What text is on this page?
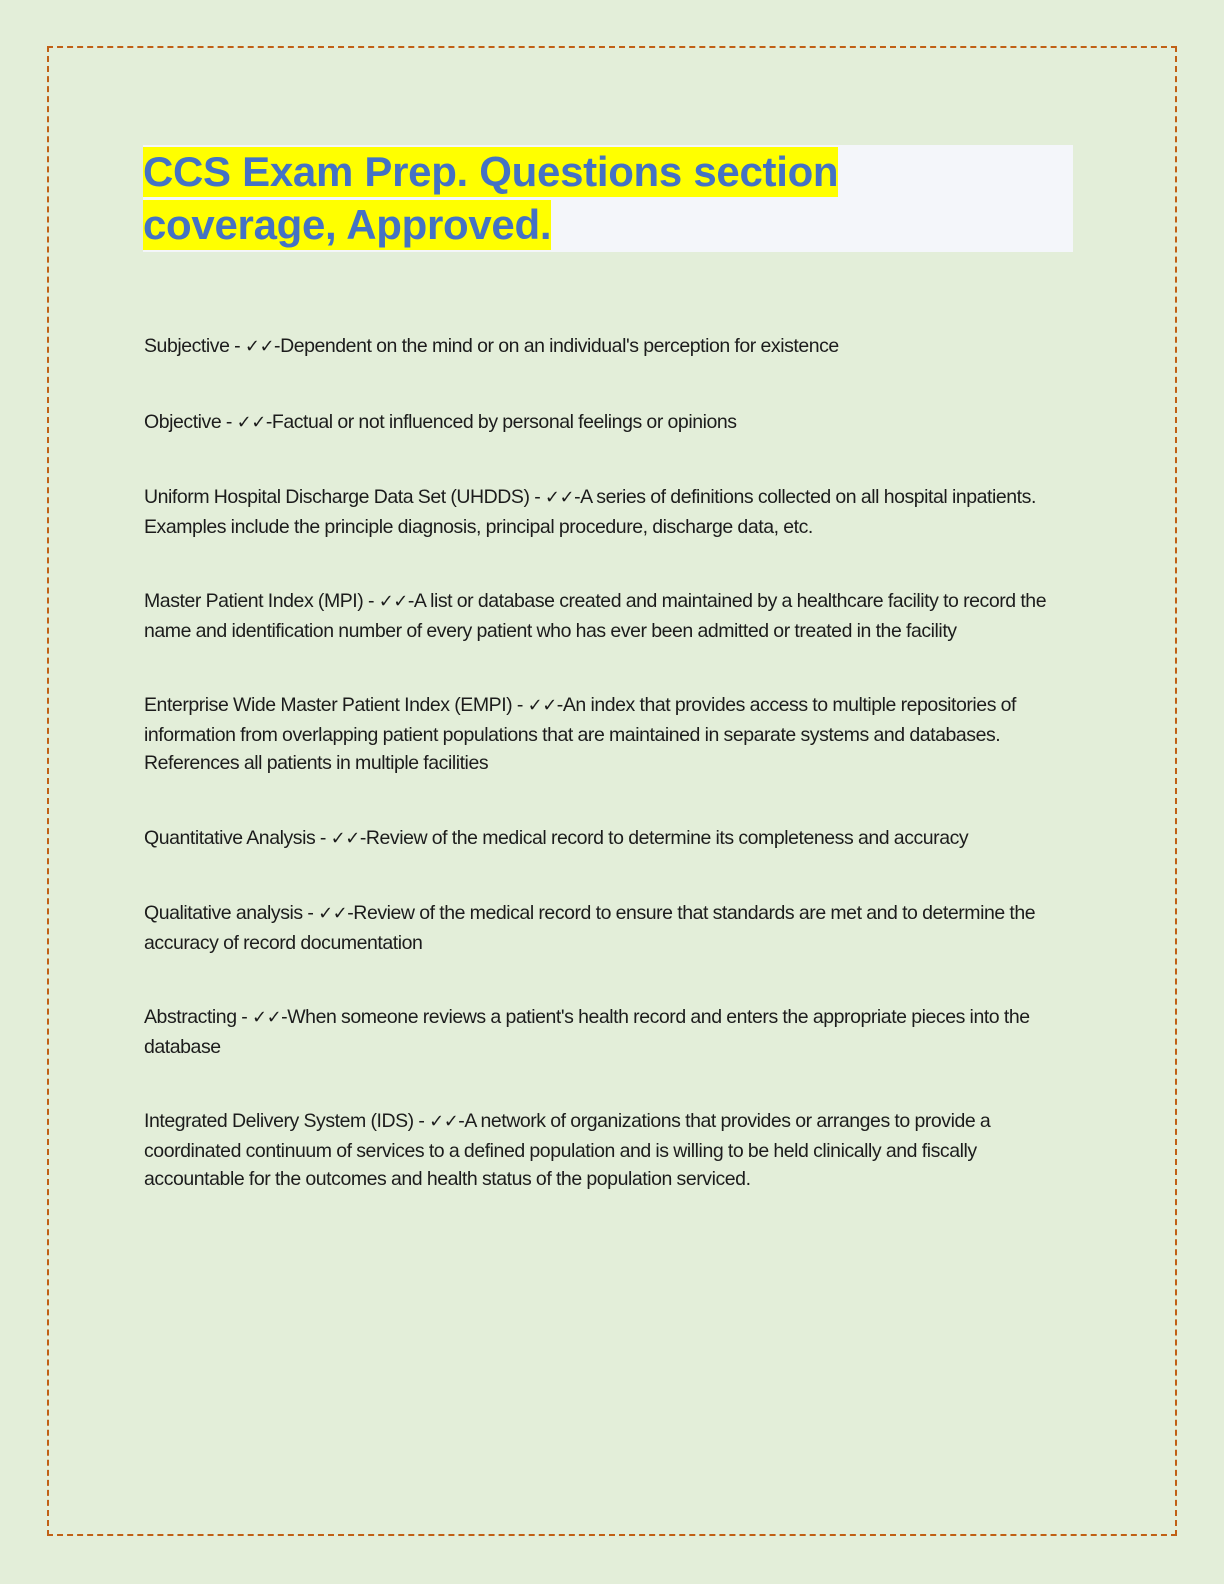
CCS Exam Prep. Questions section
coverage, Approved.

Subjective - ✓✓-Dependent on the mind or on an individual's perception for existence

Objective - ✓✓-Factual or not influenced by personal feelings or opinions

Uniform Hospital Discharge Data Set (UHDDS) - ✓✓-A series of definitions collected on all hospital inpatients. Examples include the principle diagnosis, principal procedure, discharge data, etc.

Master Patient Index (MPI) - ✓✓-A list or database created and maintained by a healthcare facility to record the name and identification number of every patient who has ever been admitted or treated in the facility

Enterprise Wide Master Patient Index (EMPI) - ✓✓-An index that provides access to multiple repositories of information from overlapping patient populations that are maintained in separate systems and databases. References all patients in multiple facilities

Quantitative Analysis - ✓✓-Review of the medical record to determine its completeness and accuracy

Qualitative analysis - ✓✓-Review of the medical record to ensure that standards are met and to determine the accuracy of record documentation

Abstracting - ✓✓-When someone reviews a patient's health record and enters the appropriate pieces into the database

Integrated Delivery System (IDS) - ✓✓-A network of organizations that provides or arranges to provide a coordinated continuum of services to a defined population and is willing to be held clinically and fiscally accountable for the outcomes and health status of the population serviced.
